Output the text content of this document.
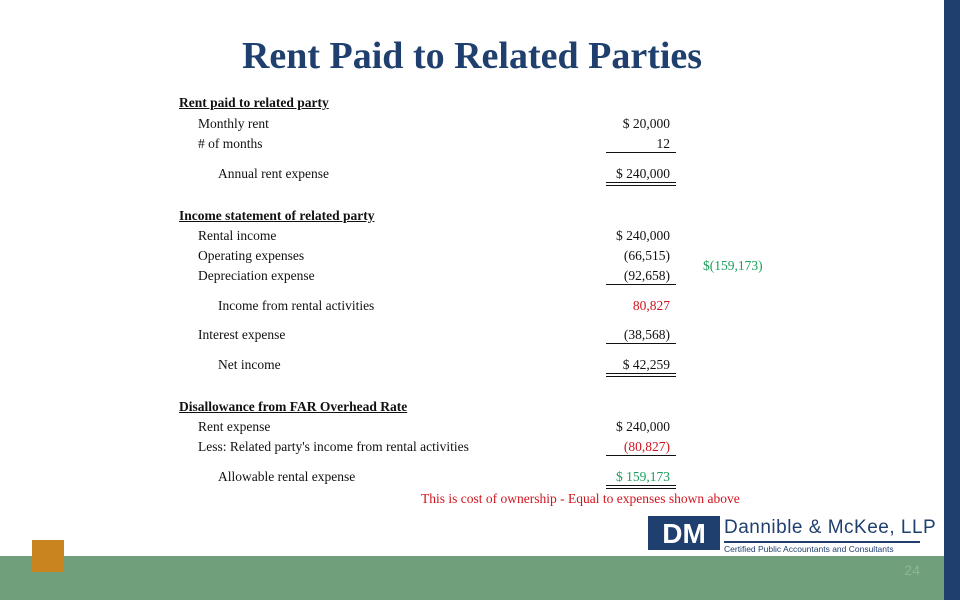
24
Rent Paid to Related Parties
Rent paid to related party
Monthly rent	$ 20,000
# of months	12
Annual rent expense	$ 240,000
Income statement of related party
Rental income	$ 240,000
Operating expenses	(66,515)
Depreciation expense	(92,658)
$(159,173)
Income from rental activities	80,827
Interest expense	(38,568)
Net income	$ 42,259
Disallowance from FAR Overhead Rate
Rent expense	$ 240,000
Less: Related party's income from rental activities	(80,827)
Allowable rental expense	$ 159,173
This is cost of ownership - Equal to expenses shown above
DM Dannible & McKee, LLP
Certified Public Accountants and Consultants
